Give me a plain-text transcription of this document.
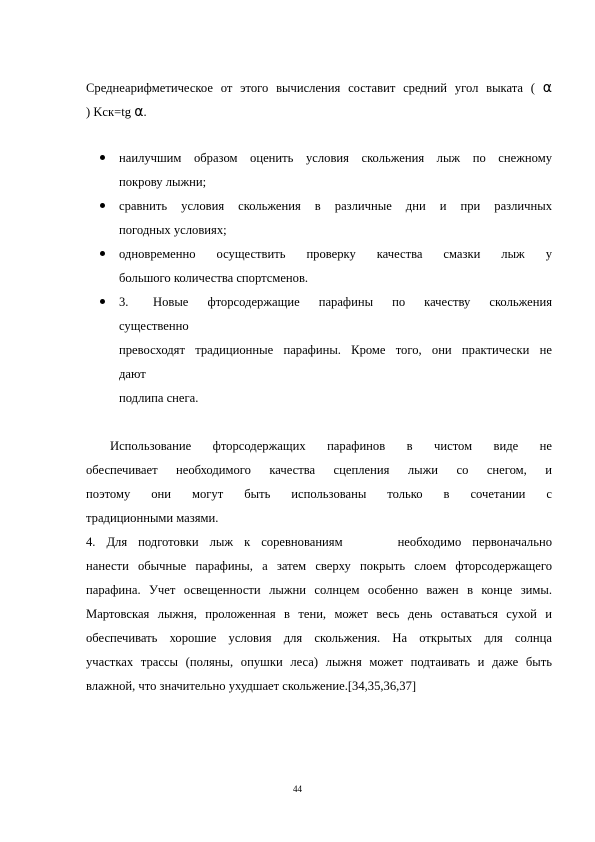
Среднеарифметическое от этого вычисления составит средний угол выката ( α
) Kск=tg α.
наилучшим образом оценить условия скольжения лыж по снежному
покрову лыжни;
сравнить условия скольжения в различные дни и при различных
погодных условиях;
одновременно осуществить проверку качества смазки лыж у
большого количества спортсменов.
3. Новые фторсодержащие парафины по качеству скольжения
существенно
превосходят традиционные парафины. Кроме того, они практически не
дают
подлипа снега.
Использование фторсодержащих парафинов в чистом виде не
обеспечивает необходимого качества сцепления лыжи со снегом, и
поэтому они могут быть использованы только в сочетании с
традиционными мазями.
4. Для подготовки лыж к соревнованиям     необходимо первоначально
нанести обычные парафины, а затем сверху покрыть слоем фторсодержащего
парафина. Учет освещенности лыжни солнцем особенно важен в конце зимы.
Мартовская лыжня, проложенная в тени, может весь день оставаться сухой и
обеспечивать хорошие условия для скольжения. На открытых для солнца
участках трассы (поляны, опушки леса) лыжня может подтаивать и даже быть
влажной, что значительно ухудшает скольжение.[34,35,36,37]
44
